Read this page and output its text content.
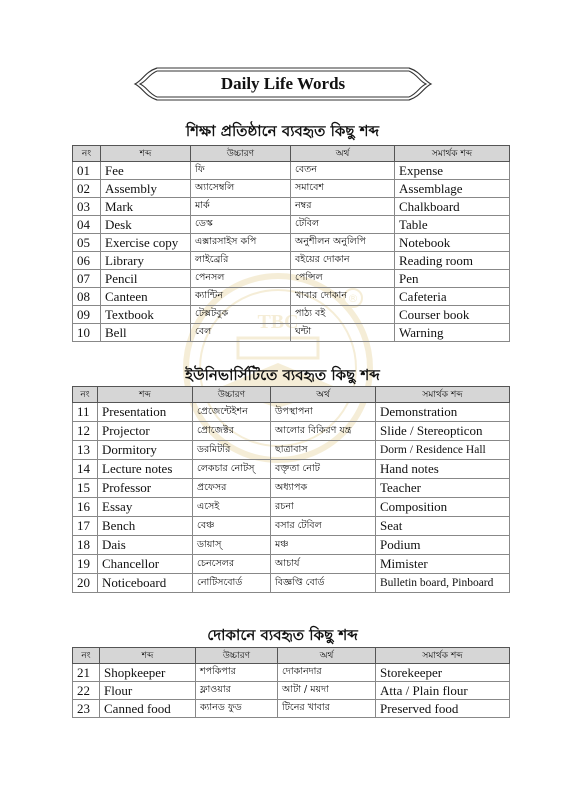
TBC
®
Daily Life Words
শিক্ষা প্রতিষ্ঠানে ব্যবহৃত কিছু শব্দ
নং	শব্দ	উচ্চারণ	অর্থ	সমার্থক শব্দ
01	Fee	ফি	বেতন	Expense
02	Assembly	অ্যাসেম্বলি	সমাবেশ	Assemblage
03	Mark	মার্ক	নম্বর	Chalkboard
04	Desk	ডেস্ক	টেবিল	Table
05	Exercise copy	এক্সারসাইস কপি	অনুশীলন অনুলিপি	Notebook
06	Library	লাইব্রেরি	বইয়ের দোকান	Reading room
07	Pencil	পেনসল	পেন্সিল	Pen
08	Canteen	ক্যান্টিন	খাবার দোকান	Cafeteria
09	Textbook	টেক্সটবুক	পাঠ্য বই	Courser book
10	Bell	বেল	ঘন্টা	Warning
ইউনিভার্সিটিতে ব্যবহৃত কিছু শব্দ
নং	শব্দ	উচ্চারণ	অর্থ	সমার্থক শব্দ
11	Presentation	প্রেজেন্টেইশন	উপস্থাপনা	Demonstration
12	Projector	প্রোজেক্টর	আলোর বিকিরণ যন্ত্র	Slide / Stereopticon
13	Dormitory	ডরমিটরি	ছাত্রাবাস	Dorm / Residence Hall
14	Lecture notes	লেকচার নোটস্	বক্তৃতা নোট	Hand notes
15	Professor	প্রফেসর	অধ্যাপক	Teacher
16	Essay	এসেই	রচনা	Composition
17	Bench	বেঞ্চ	বসার টেবিল	Seat
18	Dais	ডায়াস্	মঞ্চ	Podium
19	Chancellor	চেনসেলর	আচার্য	Mimister
20	Noticeboard	নোটিসবোর্ড	বিজ্ঞপ্তি বোর্ড	Bulletin board, Pinboard
দোকানে ব্যবহৃত কিছু শব্দ
নং	শব্দ	উচ্চারণ	অর্থ	সমার্থক শব্দ
21	Shopkeeper	শপকিপার	দোকানদার	Storekeeper
22	Flour	ফ্লাওয়ার	আটা / ময়দা	Atta / Plain flour
23	Canned food	ক্যানড ফুড	টিনের খাবার	Preserved food
